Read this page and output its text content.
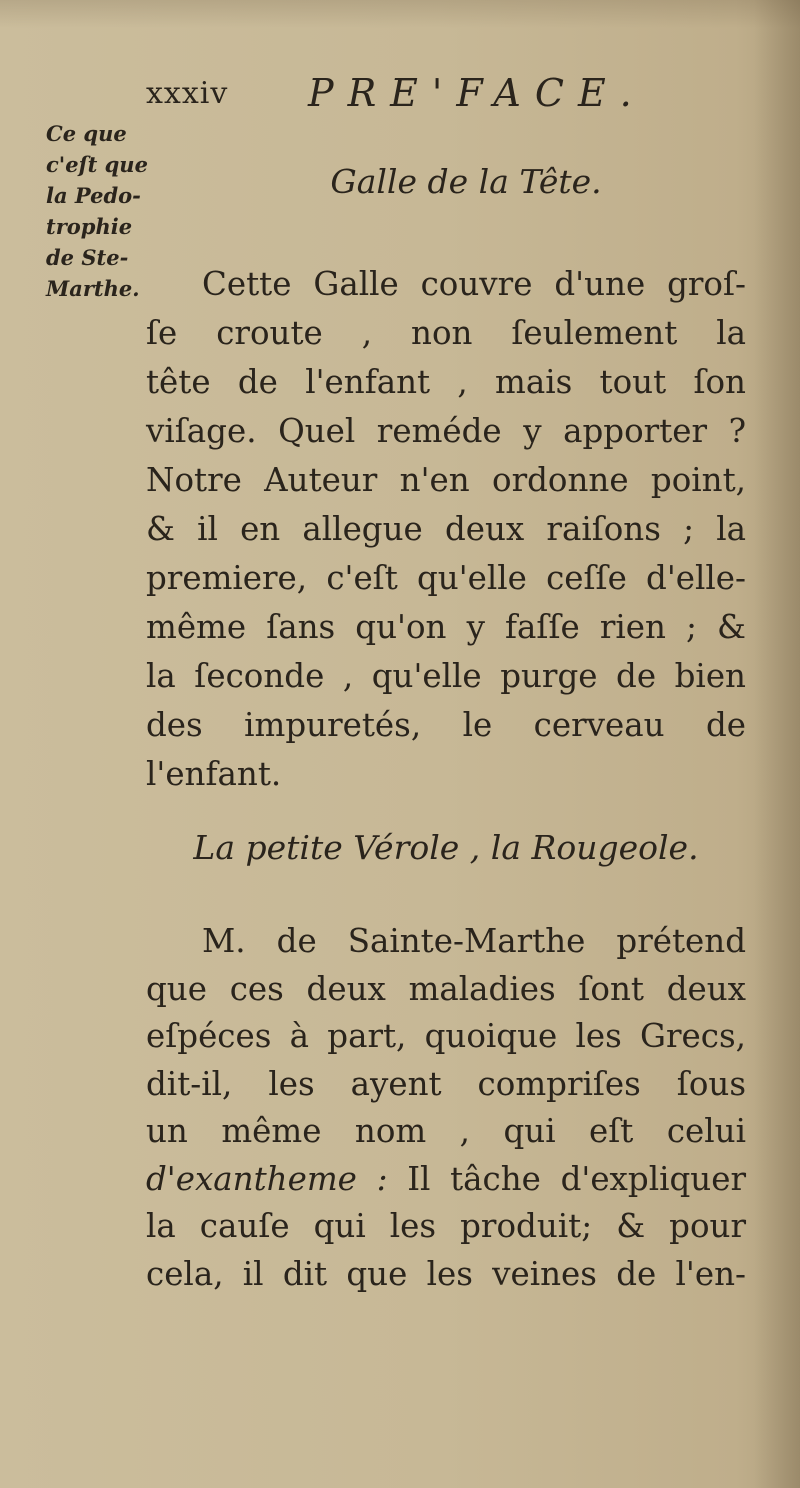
xxxiv PRE'FACE.
Ce que
c'eſt que
la Pedo-
trophie
de Ste-
Marthe.
Galle de la Tête.
Cette Galle couvre d'une groſ-
ſe croute , non ſeulement la
tête de l'enfant , mais tout ſon
viſage. Quel reméde y apporter ?
Notre Auteur n'en ordonne point,
& il en allegue deux raiſons ; la
premiere, c'eſt qu'elle ceſſe d'elle-
même ſans qu'on y faſſe rien ; &
la ſeconde , qu'elle purge de bien
des impuretés, le cerveau de
l'enfant.
La petite Vérole , la Rougeole.
M. de Sainte-Marthe prétend
que ces deux maladies ſont deux
eſpéces à part, quoique les Grecs,
dit-il, les ayent compriſes ſous
un même nom , qui eſt celui
d'exantheme : Il tâche d'expliquer
la cauſe qui les produit; & pour
cela, il dit que les veines de l'en-
